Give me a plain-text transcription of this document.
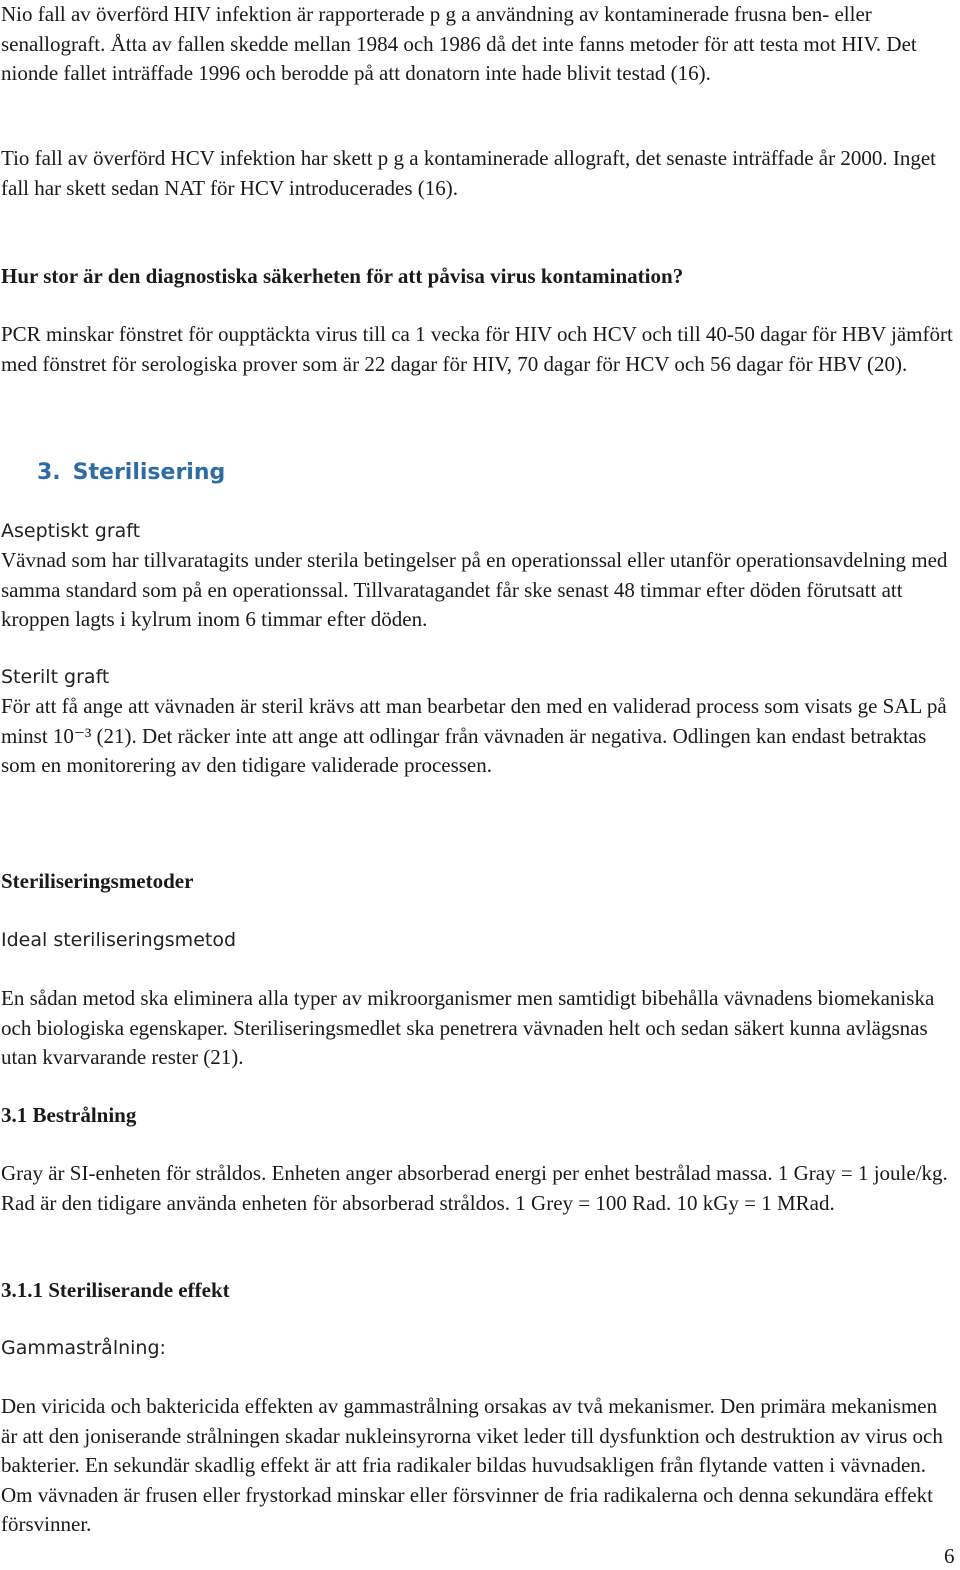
Nio fall av överförd HIV infektion är rapporterade p g a användning av kontaminerade frusna ben- eller senallograft. Åtta av fallen skedde mellan 1984 och 1986 då det inte fanns metoder för att testa mot HIV. Det nionde fallet inträffade 1996 och berodde på att donatorn inte hade blivit testad (16).

Tio fall av överförd HCV infektion har skett p g a kontaminerade allograft, det senaste inträffade år 2000. Inget fall har skett sedan NAT för HCV introducerades (16).

Hur stor är den diagnostiska säkerheten för att påvisa virus kontamination?

PCR minskar fönstret för oupptäckta virus till ca 1 vecka för HIV och HCV och till 40-50 dagar för HBV jämfört med fönstret för serologiska prover som är 22 dagar för HIV, 70 dagar för HCV och 56 dagar för HBV (20).

3. Sterilisering
Aseptiskt graft

Vävnad som har tillvaratagits under sterila betingelser på en operationssal eller utanför operationsavdelning med samma standard som på en operationssal. Tillvaratagandet får ske senast 48 timmar efter döden förutsatt att kroppen lagts i kylrum inom 6 timmar efter döden.

Sterilt graft

För att få ange att vävnaden är steril krävs att man bearbetar den med en validerad process som visats ge SAL på minst 10⁻³ (21). Det räcker inte att ange att odlingar från vävnaden är negativa. Odlingen kan endast betraktas som en monitorering av den tidigare validerade processen.

Steriliseringsmetoder
Ideal steriliseringsmetod

En sådan metod ska eliminera alla typer av mikroorganismer men samtidigt bibehålla vävnadens biomekaniska och biologiska egenskaper. Steriliseringsmedlet ska penetrera vävnaden helt och sedan säkert kunna avlägsnas utan kvarvarande rester (21).

3.1 Bestrålning

Gray är SI-enheten för stråldos. Enheten anger absorberad energi per enhet bestrålad massa. 1 Gray = 1 joule/kg. Rad är den tidigare använda enheten för absorberad stråldos. 1 Grey = 100 Rad. 10 kGy = 1 MRad.

3.1.1 Steriliserande effekt
Gammastrålning:

Den viricida och baktericida effekten av gammastrålning orsakas av två mekanismer. Den primära mekanismen är att den joniserande strålningen skadar nukleinsyrorna viket leder till dysfunktion och destruktion av virus och bakterier. En sekundär skadlig effekt är att fria radikaler bildas huvudsakligen från flytande vatten i vävnaden. Om vävnaden är frusen eller frystorkad minskar eller försvinner de fria radikalerna och denna sekundära effekt försvinner.

6
